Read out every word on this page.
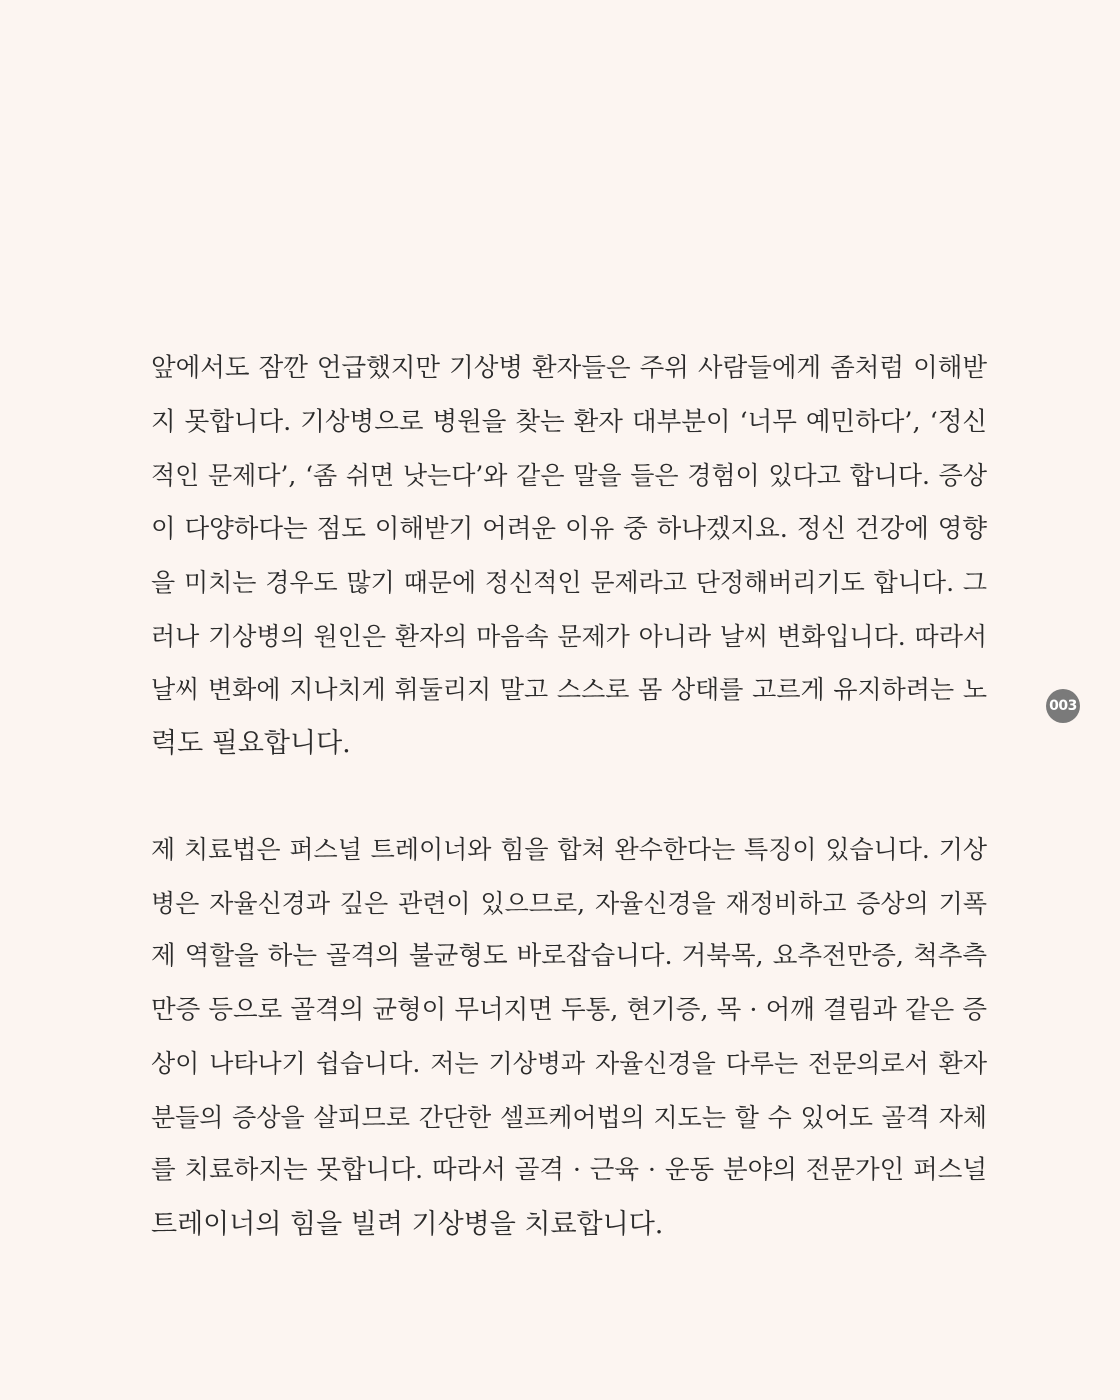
앞에서도 잠깐 언급했지만 기상병 환자들은 주위 사람들에게 좀처럼 이해받
지 못합니다. 기상병으로 병원을 찾는 환자 대부분이 ‘너무 예민하다’, ‘정신
적인 문제다’, ‘좀 쉬면 낫는다’와 같은 말을 들은 경험이 있다고 합니다. 증상
이 다양하다는 점도 이해받기 어려운 이유 중 하나겠지요. 정신 건강에 영향
을 미치는 경우도 많기 때문에 정신적인 문제라고 단정해버리기도 합니다. 그
러나 기상병의 원인은 환자의 마음속 문제가 아니라 날씨 변화입니다. 따라서
날씨 변화에 지나치게 휘둘리지 말고 스스로 몸 상태를 고르게 유지하려는 노
력도 필요합니다.
003
제 치료법은 퍼스널 트레이너와 힘을 합쳐 완수한다는 특징이 있습니다. 기상
병은 자율신경과 깊은 관련이 있으므로, 자율신경을 재정비하고 증상의 기폭
제 역할을 하는 골격의 불균형도 바로잡습니다. 거북목, 요추전만증, 척추측
만증 등으로 골격의 균형이 무너지면 두통, 현기증, 목 · 어깨 결림과 같은 증
상이 나타나기 쉽습니다. 저는 기상병과 자율신경을 다루는 전문의로서 환자
분들의 증상을 살피므로 간단한 셀프케어법의 지도는 할 수 있어도 골격 자체
를 치료하지는 못합니다. 따라서 골격 · 근육 · 운동 분야의 전문가인 퍼스널
트레이너의 힘을 빌려 기상병을 치료합니다.
